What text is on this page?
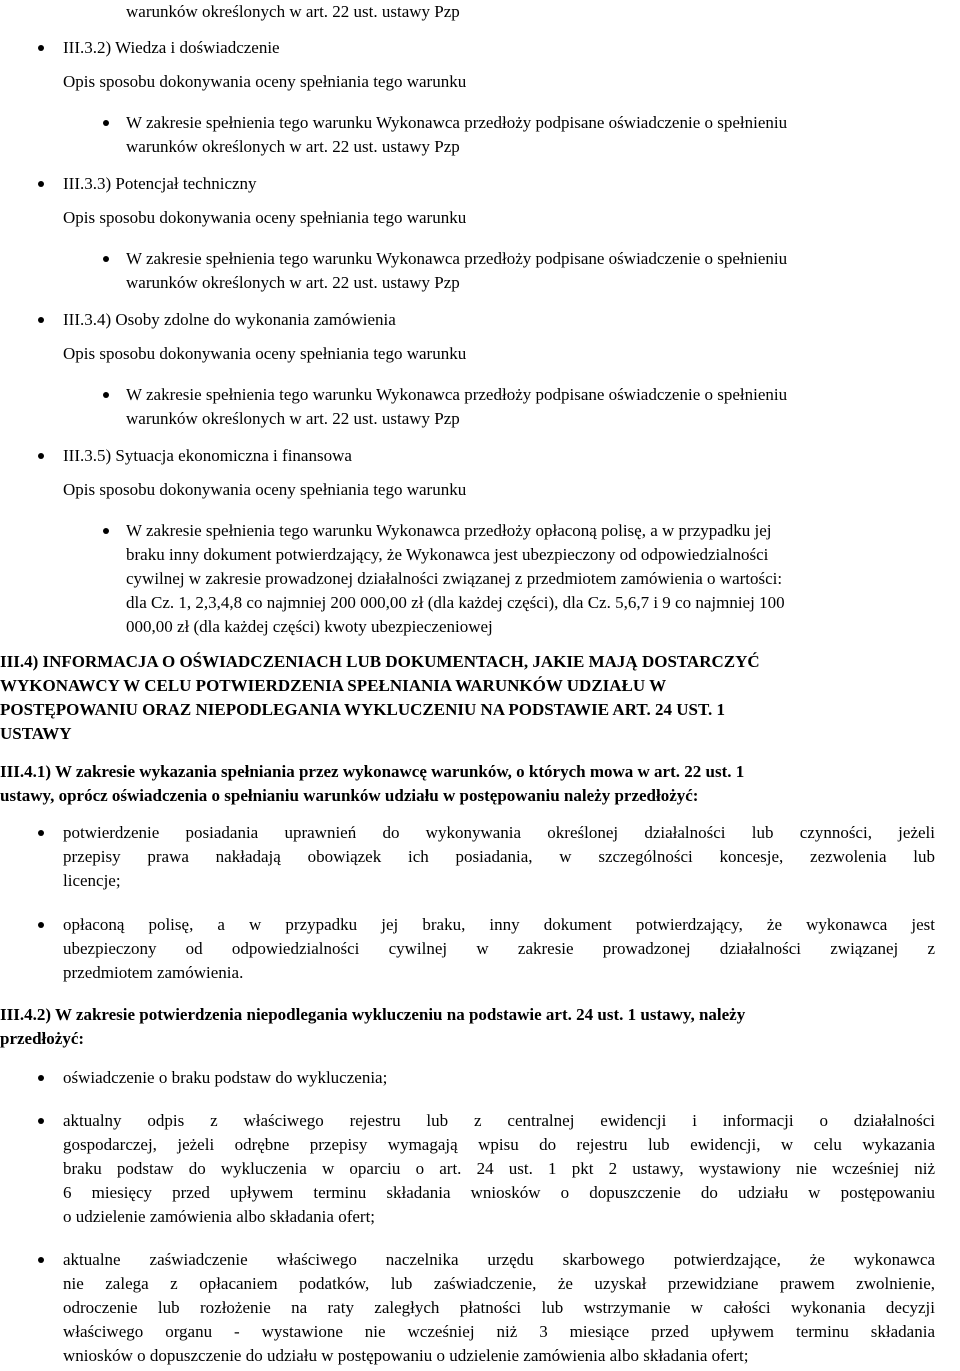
warunków określonych w art. 22 ust. ustawy Pzp
III.3.2) Wiedza i doświadczenie
Opis sposobu dokonywania oceny spełniania tego warunku
W zakresie spełnienia tego warunku Wykonawca przedłoży podpisane oświadczenie o spełnieniu
warunków określonych w art. 22 ust. ustawy Pzp
III.3.3) Potencjał techniczny
Opis sposobu dokonywania oceny spełniania tego warunku
W zakresie spełnienia tego warunku Wykonawca przedłoży podpisane oświadczenie o spełnieniu
warunków określonych w art. 22 ust. ustawy Pzp
III.3.4) Osoby zdolne do wykonania zamówienia
Opis sposobu dokonywania oceny spełniania tego warunku
W zakresie spełnienia tego warunku Wykonawca przedłoży podpisane oświadczenie o spełnieniu
warunków określonych w art. 22 ust. ustawy Pzp
III.3.5) Sytuacja ekonomiczna i finansowa
Opis sposobu dokonywania oceny spełniania tego warunku
W zakresie spełnienia tego warunku Wykonawca przedłoży opłaconą polisę, a w przypadku jej
braku inny dokument potwierdzający, że Wykonawca jest ubezpieczony od odpowiedzialności
cywilnej w zakresie prowadzonej działalności związanej z przedmiotem zamówienia o wartości:
dla Cz. 1, 2,3,4,8 co najmniej 200 000,00 zł (dla każdej części), dla Cz. 5,6,7 i 9 co najmniej 100
000,00 zł (dla każdej części) kwoty ubezpieczeniowej
III.4) INFORMACJA O OŚWIADCZENIACH LUB DOKUMENTACH, JAKIE MAJĄ DOSTARCZYĆ
WYKONAWCY W CELU POTWIERDZENIA SPEŁNIANIA WARUNKÓW UDZIAŁU W
POSTĘPOWANIU ORAZ NIEPODLEGANIA WYKLUCZENIU NA PODSTAWIE ART. 24 UST. 1
USTAWY
III.4.1) W zakresie wykazania spełniania przez wykonawcę warunków, o których mowa w art. 22 ust. 1
ustawy, oprócz oświadczenia o spełnianiu warunków udziału w postępowaniu należy przedłożyć:
potwierdzenie posiadania uprawnień do wykonywania określonej działalności lub czynności, jeżeli
przepisy prawa nakładają obowiązek ich posiadania, w szczególności koncesje, zezwolenia lub
licencje;
opłaconą polisę, a w przypadku jej braku, inny dokument potwierdzający, że wykonawca jest
ubezpieczony od odpowiedzialności cywilnej w zakresie prowadzonej działalności związanej z
przedmiotem zamówienia.
III.4.2) W zakresie potwierdzenia niepodlegania wykluczeniu na podstawie art. 24 ust. 1 ustawy, należy
przedłożyć:
oświadczenie o braku podstaw do wykluczenia;
aktualny odpis z właściwego rejestru lub z centralnej ewidencji i informacji o działalności
gospodarczej, jeżeli odrębne przepisy wymagają wpisu do rejestru lub ewidencji, w celu wykazania
braku podstaw do wykluczenia w oparciu o art. 24 ust. 1 pkt 2 ustawy, wystawiony nie wcześniej niż
6 miesięcy przed upływem terminu składania wniosków o dopuszczenie do udziału w postępowaniu
o udzielenie zamówienia albo składania ofert;
aktualne zaświadczenie właściwego naczelnika urzędu skarbowego potwierdzające, że wykonawca
nie zalega z opłacaniem podatków, lub zaświadczenie, że uzyskał przewidziane prawem zwolnienie,
odroczenie lub rozłożenie na raty zaległych płatności lub wstrzymanie w całości wykonania decyzji
właściwego organu - wystawione nie wcześniej niż 3 miesiące przed upływem terminu składania
wniosków o dopuszczenie do udziału w postępowaniu o udzielenie zamówienia albo składania ofert;
